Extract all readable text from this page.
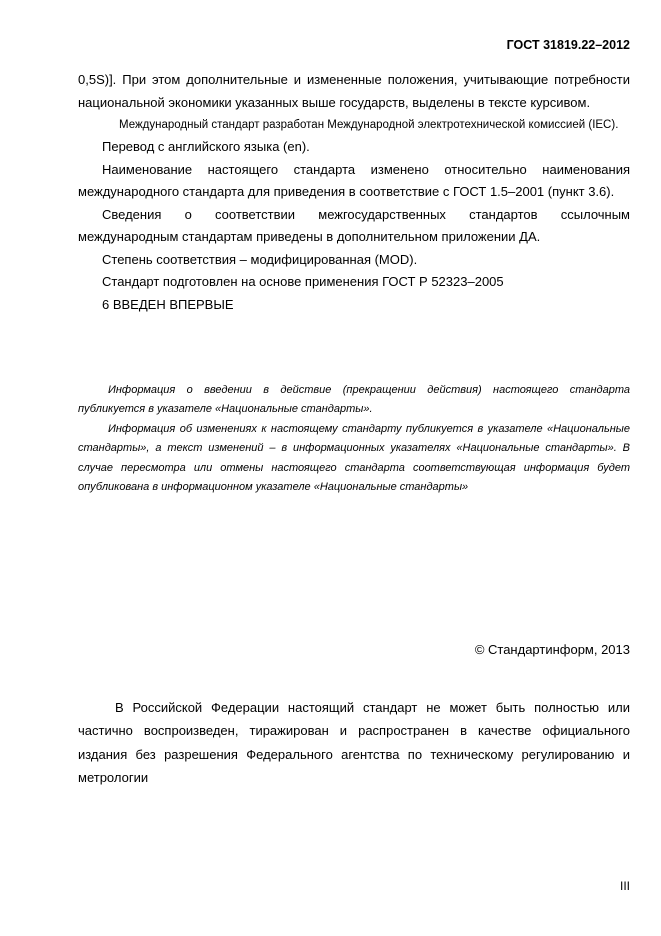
ГОСТ 31819.22–2012

0,5S)]. При этом дополнительные и измененные положения, учитывающие потребности национальной экономики указанных выше государств, выделены в тексте курсивом.

Международный стандарт разработан Международной электротехнической комиссией (IEC).

Перевод с английского языка (en).

Наименование настоящего стандарта изменено относительно наименования международного стандарта для приведения в соответствие с ГОСТ 1.5–2001 (пункт 3.6).

Сведения о соответствии межгосударственных стандартов ссылочным международным стандартам приведены в дополнительном приложении ДА.

Степень соответствия – модифицированная (MOD).

Стандарт подготовлен на основе применения ГОСТ Р 52323–2005

6 ВВЕДЕН ВПЕРВЫЕ

Информация о введении в действие (прекращении действия) настоящего стандарта публикуется в указателе «Национальные стандарты».

Информация об изменениях к настоящему стандарту публикуется в указателе «Национальные стандарты», а текст изменений – в информационных указателях «Национальные стандарты». В случае пересмотра или отмены настоящего стандарта соответствующая информация будет опубликована в информационном указателе «Национальные стандарты»

© Стандартинформ, 2013

В Российской Федерации настоящий стандарт не может быть полностью или частично воспроизведен, тиражирован и распространен в качестве официального издания без разрешения Федерального агентства по техническому регулированию и метрологии

III
